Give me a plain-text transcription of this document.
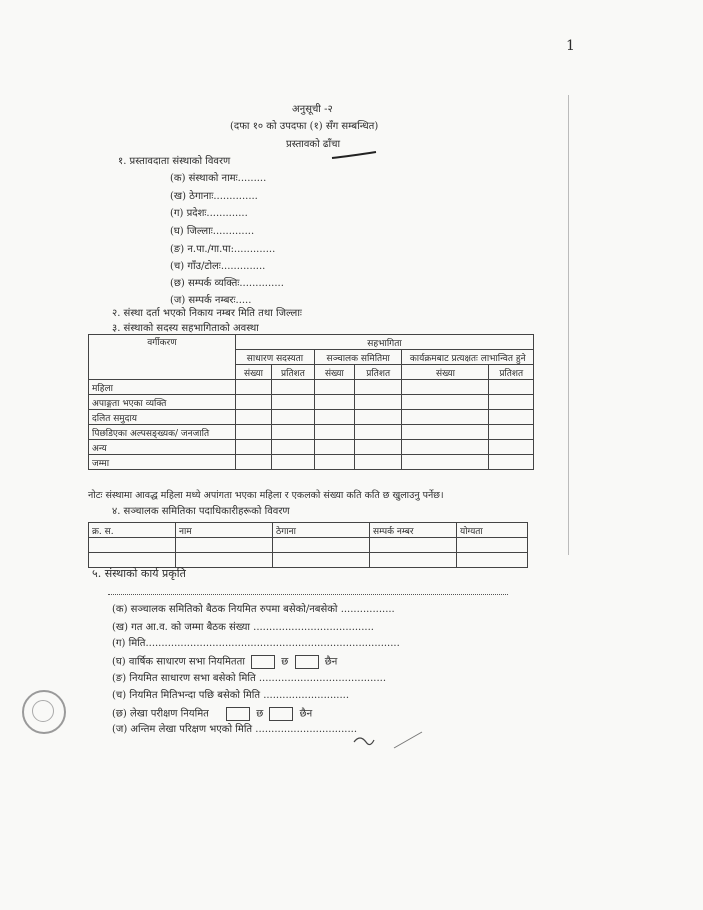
1
अनुसूची -२
(दफा १० को उपदफा (१) सँग सम्बन्धित)
प्रस्तावको ढाँचा
१. प्रस्तावदाता संस्थाको विवरण
(क) संस्थाको नामः.........
(ख) ठेगानाः..............
(ग) प्रदेशः.............
(घ) जिल्लाः.............
(ङ) न.पा./गा.पा:.............
(च) गाँउ/टोलः..............
(छ) सम्पर्क व्यक्तिः..............
(ज) सम्पर्क नम्बरः.....
२. संस्था दर्ता भएको निकाय नम्बर मिति तथा जिल्लाः
३. संस्थाको सदस्य सहभागिताको अवस्था
वर्गीकरण	सहभागिता					
	साधारण सदस्यता		सञ्चालक समितिमा		कार्यक्रमबाट प्रत्यक्षतः लाभान्वित हुने	
	संख्या	प्रतिशत	संख्या	प्रतिशत	संख्या	प्रतिशत
महिला						
अपाङ्गता भएका व्यक्ति						
दलित समुदाय						
पिछडिएका अल्पसङ्ख्यक/ जनजाति						
अन्य						
जम्मा						
नोटः संस्थामा आवद्ध महिला मध्ये अपांगता भएका महिला र एकलको संख्या कति कति छ खुलाउनु पर्नेछ।
४. सञ्चालक समितिका पदाधिकारीहरूको विवरण
क्र. स.	नाम	ठेगाना	सम्पर्क नम्बर	योग्यता

५. संस्थाको कार्य प्रकृति
(क) सञ्चालक समितिको बैठक नियमित रुपमा बसेको/नबसेको .................
(ख) गत आ.व. को जम्मा बैठक संख्या ......................................
(ग) मिति................................................................................
(घ) वार्षिक साधारण सभा नियमितता	छ	छैन
(ङ) नियमित साधारण सभा बसेको मिति ........................................
(च) नियमित मितिभन्दा पछि बसेको मिति ...........................
(छ) लेखा परीक्षण नियमित	छ	छैन
(ज) अन्तिम लेखा परिक्षण भएको मिति ................................
